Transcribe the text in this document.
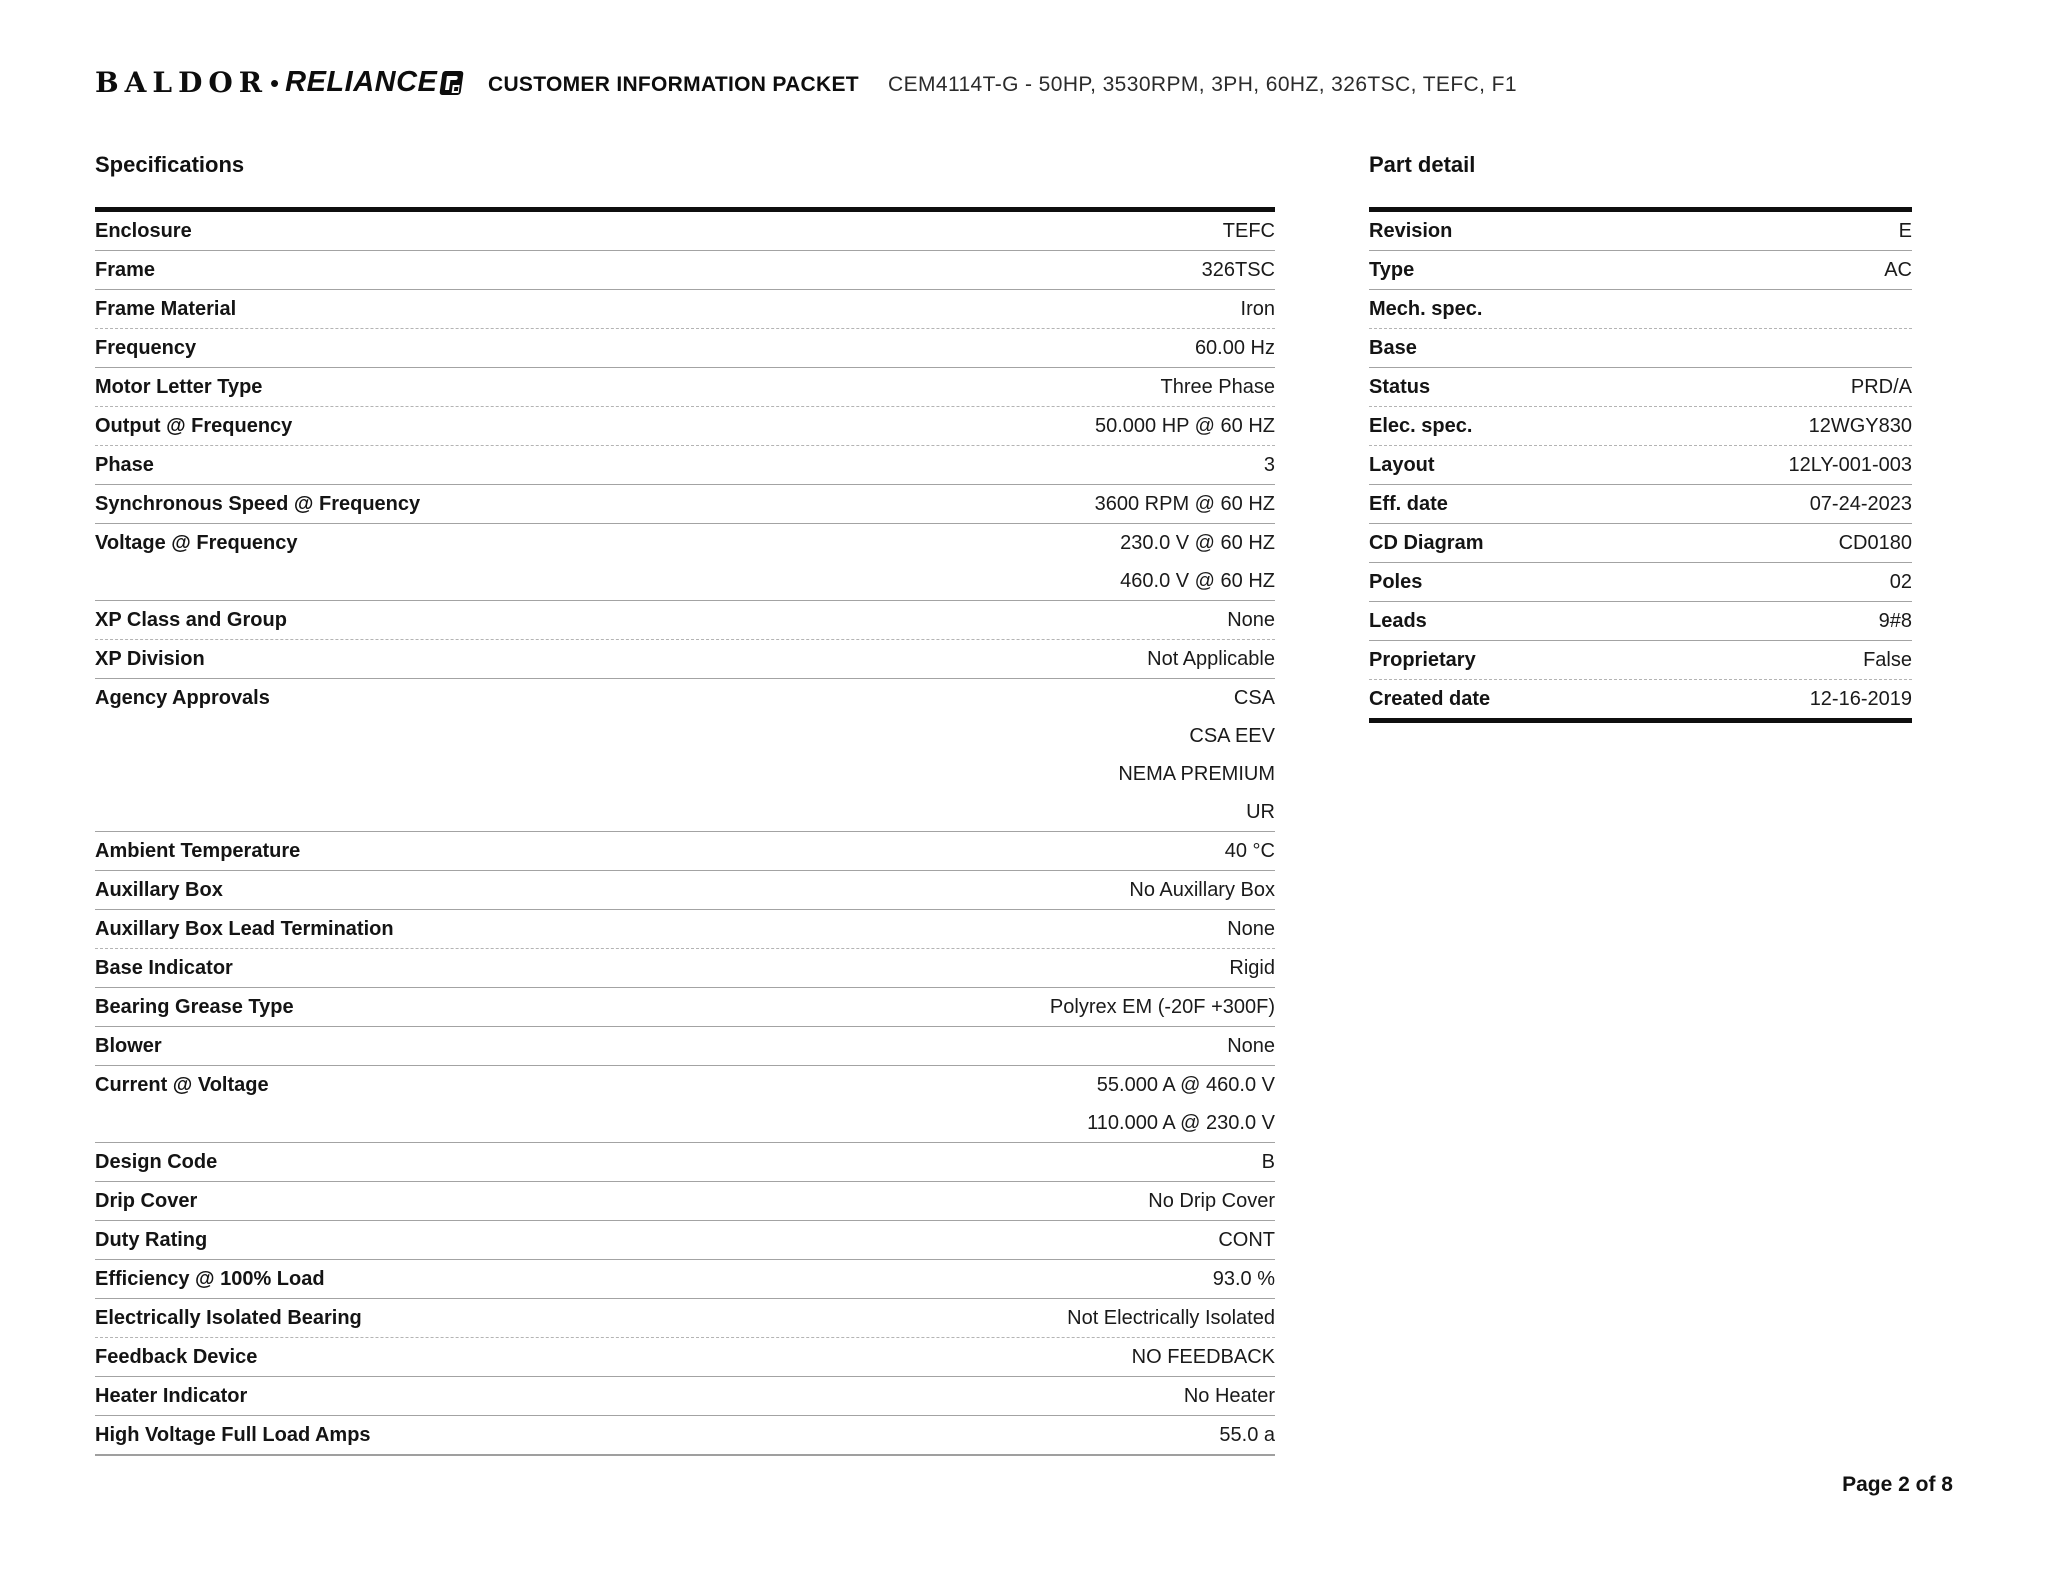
BALDOR • RELIANCE CUSTOMER INFORMATION PACKET CEM4114T-G - 50HP, 3530RPM, 3PH, 60HZ, 326TSC, TEFC, F1
Specifications
Enclosure	TEFC
Frame	326TSC
Frame Material	Iron
Frequency	60.00 Hz
Motor Letter Type	Three Phase
Output @ Frequency	50.000 HP @ 60 HZ
Phase	3
Synchronous Speed @ Frequency	3600 RPM @ 60 HZ
Voltage @ Frequency	230.0 V @ 60 HZ
460.0 V @ 60 HZ
XP Class and Group	None
XP Division	Not Applicable
Agency Approvals	CSA
CSA EEV
NEMA PREMIUM
UR
Ambient Temperature	40 °C
Auxillary Box	No Auxillary Box
Auxillary Box Lead Termination	None
Base Indicator	Rigid
Bearing Grease Type	Polyrex EM (-20F +300F)
Blower	None
Current @ Voltage	55.000 A @ 460.0 V
110.000 A @ 230.0 V
Design Code	B
Drip Cover	No Drip Cover
Duty Rating	CONT
Efficiency @ 100% Load	93.0 %
Electrically Isolated Bearing	Not Electrically Isolated
Feedback Device	NO FEEDBACK
Heater Indicator	No Heater
High Voltage Full Load Amps	55.0 a
Part detail
Revision	E
Type	AC
Mech. spec.
Base
Status	PRD/A
Elec. spec.	12WGY830
Layout	12LY-001-003
Eff. date	07-24-2023
CD Diagram	CD0180
Poles	02
Leads	9#8
Proprietary	False
Created date	12-16-2019
Page 2 of 8
